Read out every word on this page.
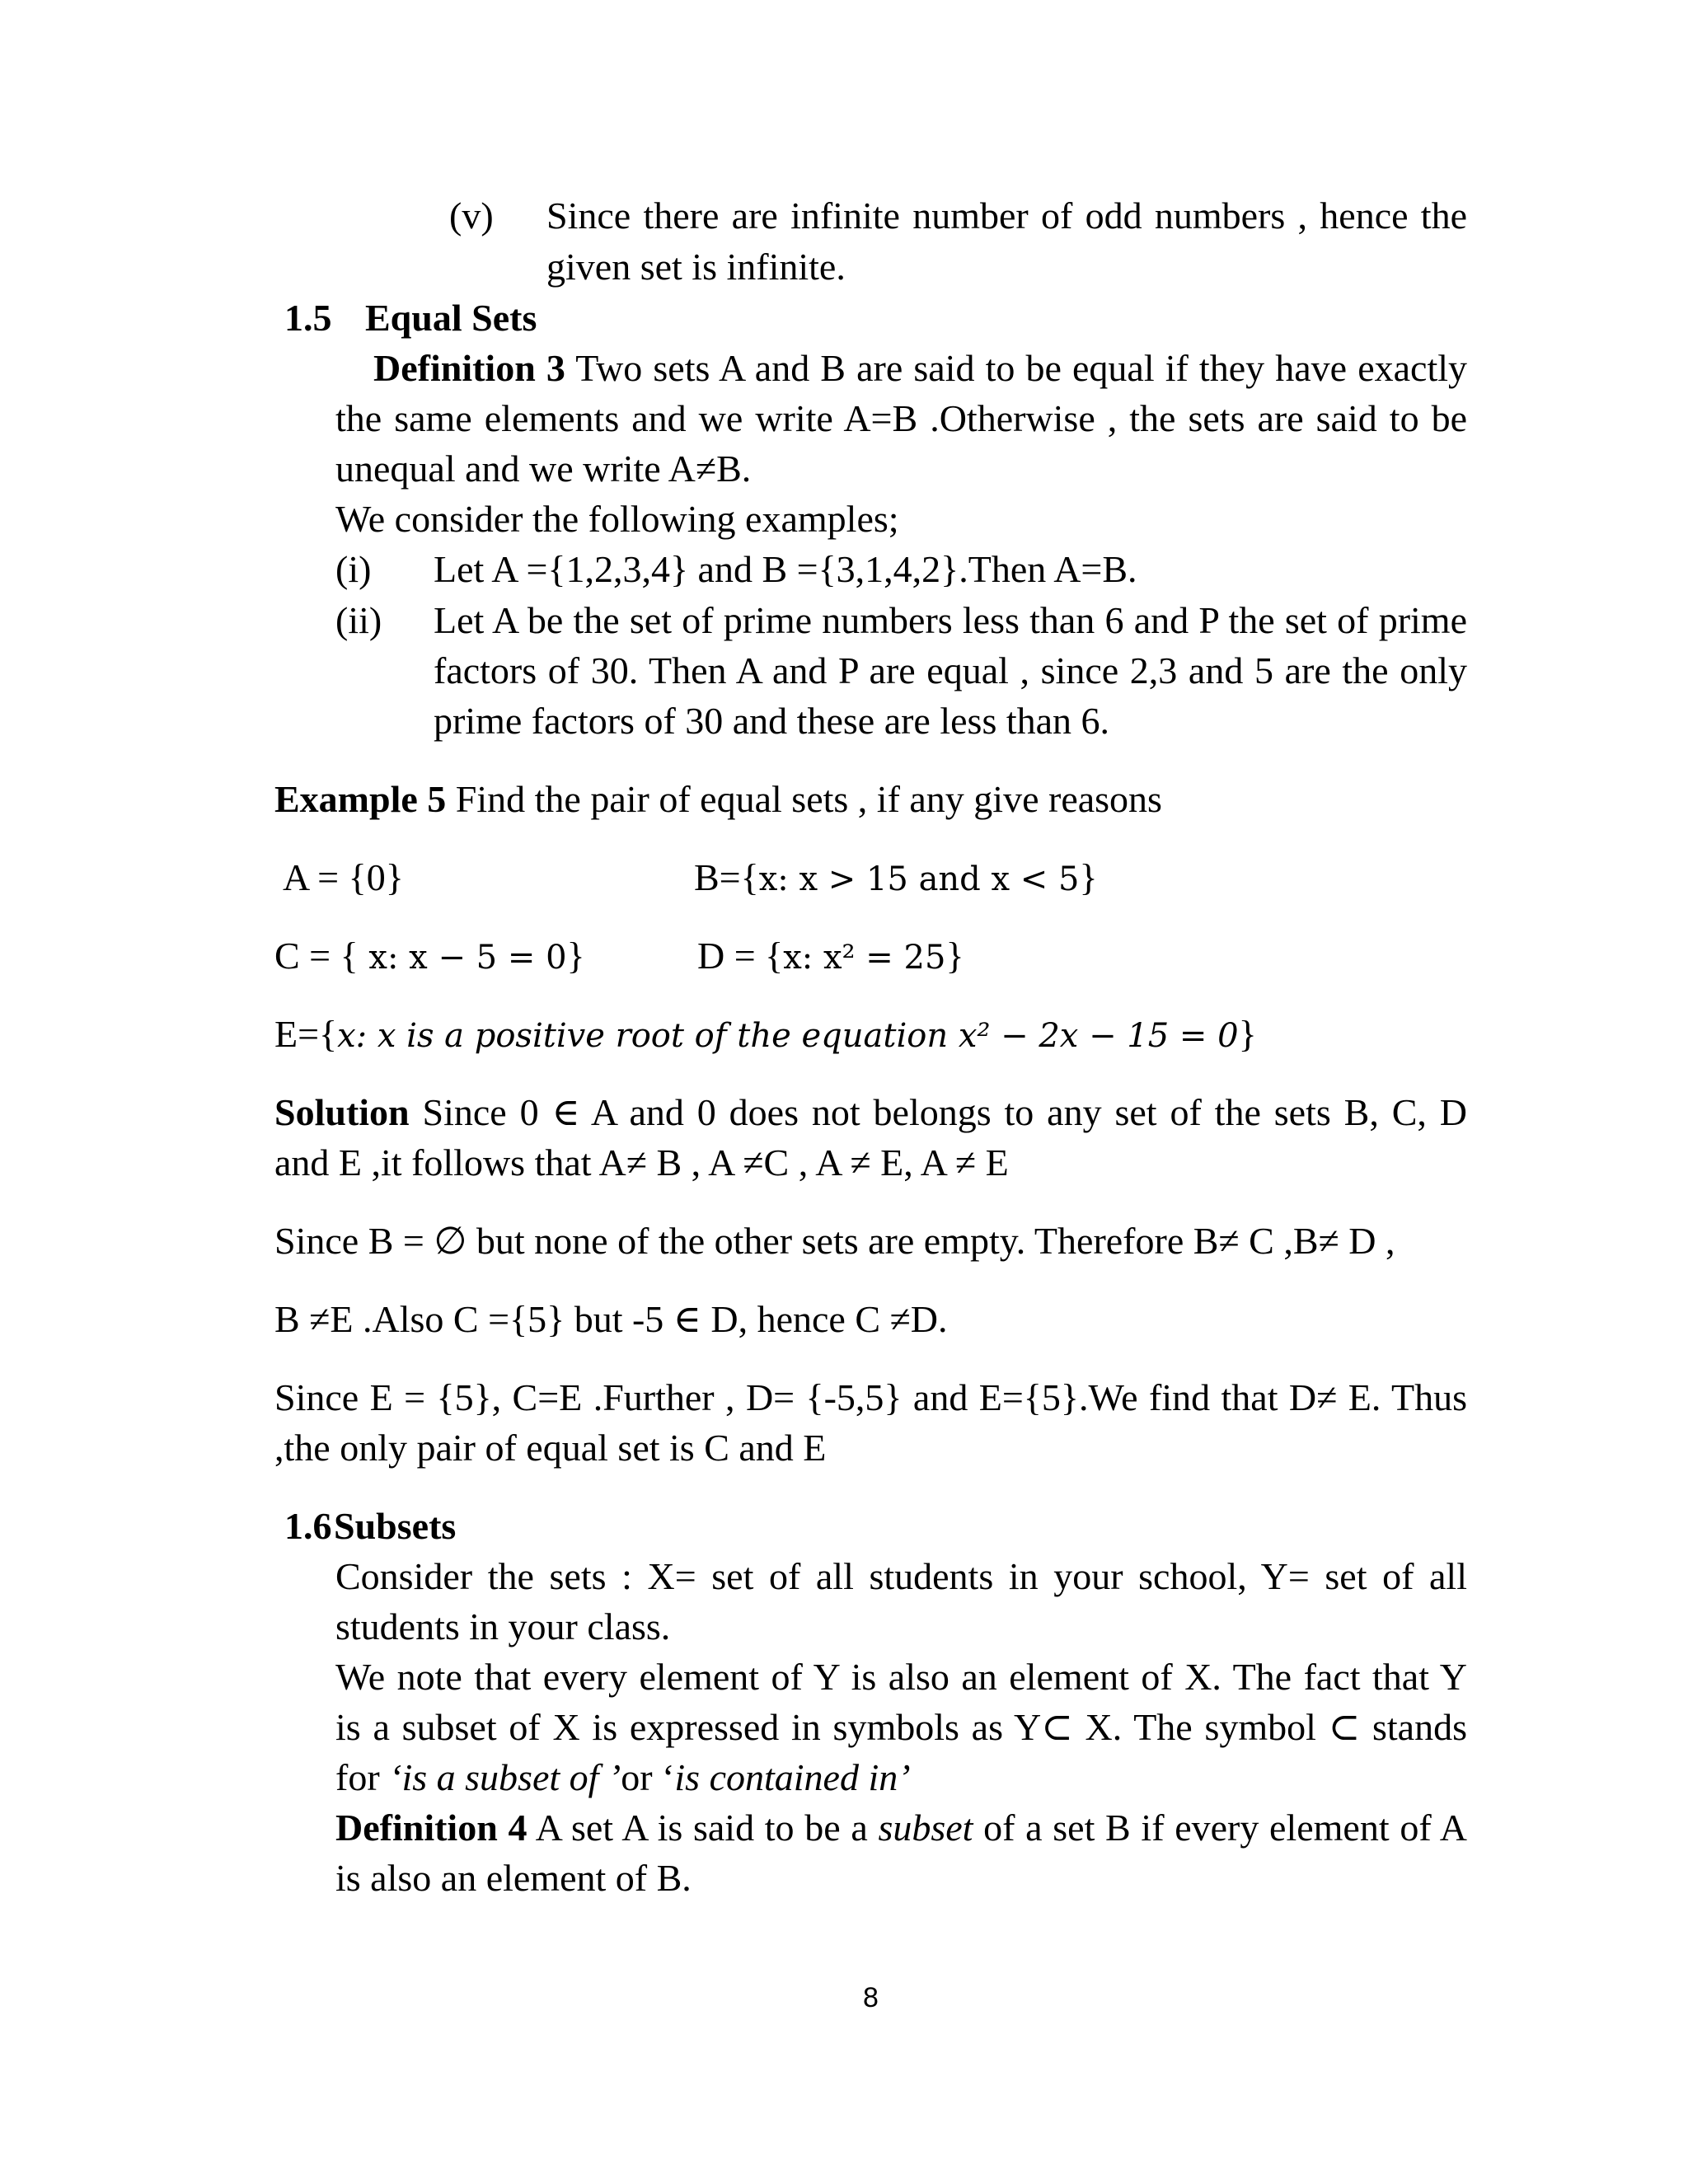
(v) Since there are infinite number of odd numbers , hence the
given set is infinite.
1.5 Equal Sets
Definition 3 Two sets A and B are said to be equal if they have exactly
the same elements and we write A=B .Otherwise , the sets are said to be
unequal and we write A≠B.
We consider the following examples;
(i) Let A ={1,2,3,4} and B ={3,1,4,2}.Then A=B.
(ii) Let A be the set of prime numbers less than 6 and P the set of prime
factors of 30. Then A and P are equal , since 2,3 and 5 are the only
prime factors of 30 and these are less than 6.
Example 5 Find the pair of equal sets , if any give reasons
A = {0}	B={x: x > 15 and x < 5}
C = { x: x − 5 = 0}	D = {x: x² = 25}
E={x: x is a positive root of the equation x² − 2x − 15 = 0}
Solution Since 0 ∈ A and 0 does not belongs to any set of the sets B, C, D
and E ,it follows that A≠ B , A ≠C , A ≠ E, A ≠ E
Since B = ∅ but none of the other sets are empty. Therefore B≠ C ,B≠ D ,
B ≠E .Also C ={5} but -5 ∈ D, hence C ≠D.
Since E = {5}, C=E .Further , D= {-5,5} and E={5}.We find that D≠ E. Thus
,the only pair of equal set is C and E
1.6 Subsets
Consider the sets : X= set of all students in your school, Y= set of all
students in your class.
We note that every element of Y is also an element of X. The fact that Y
is a subset of X is expressed in symbols as Y⊂ X. The symbol ⊂ stands
for ‘is a subset of ’or ‘is contained in’
Definition 4 A set A is said to be a subset of a set B if every element of A
is also an element of B.
8
